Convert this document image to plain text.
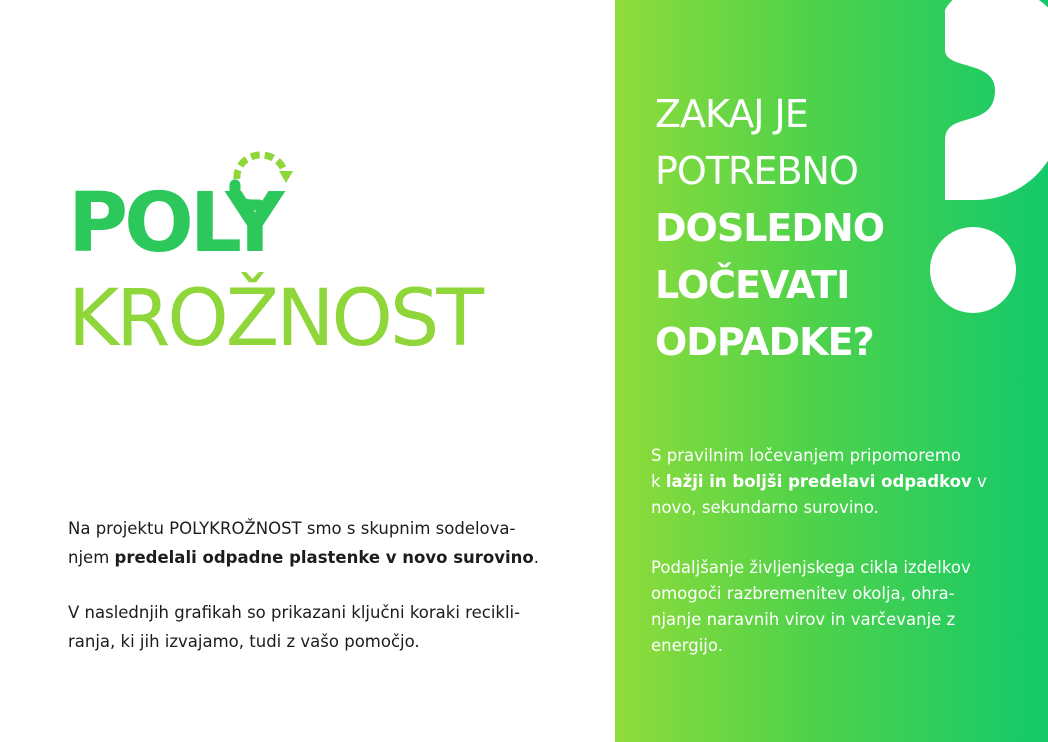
POLY
KROŽNOST

Na projektu POLYKROŽNOST smo s skupnim sodelova-
njem predelali odpadne plastenke v novo surovino.

V naslednjih grafikah so prikazani ključni koraki recikli-
ranja, ki jih izvajamo, tudi z vašo pomočjo.

ZAKAJ JE
POTREBNO
DOSLEDNO
LOČEVATI
ODPADKE?

S pravilnim ločevanjem pripomoremo
k lažji in boljši predelavi odpadkov v
novo, sekundarno surovino.

Podaljšanje življenjskega cikla izdelkov
omogoči razbremenitev okolja, ohra-
njanje naravnih virov in varčevanje z
energijo.
